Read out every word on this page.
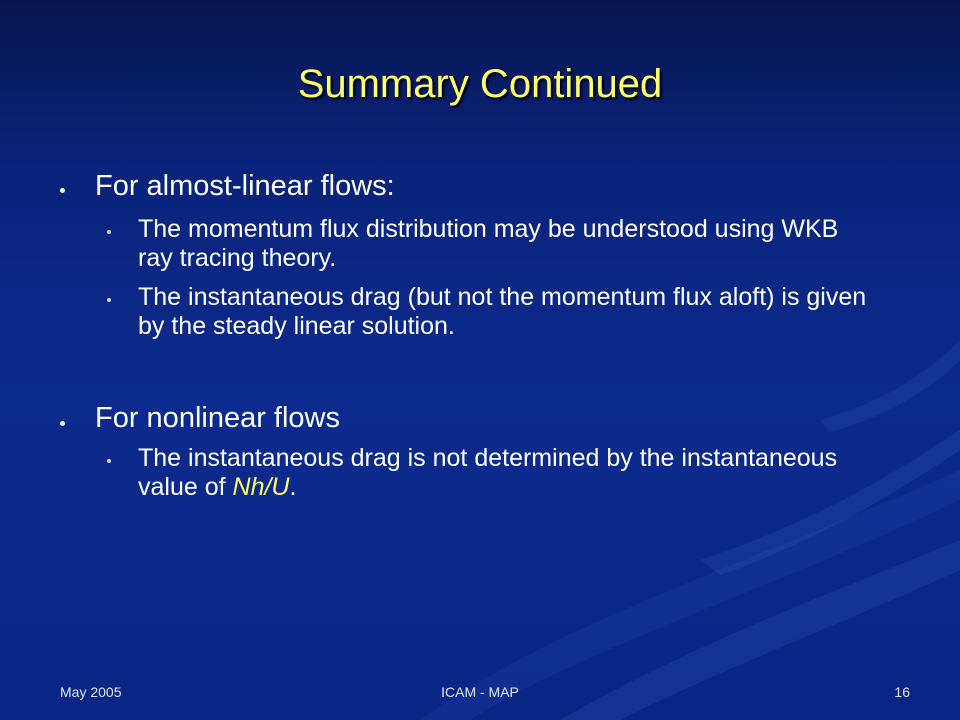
Summary Continued
For almost-linear flows:
The momentum flux distribution may be understood using WKB ray tracing theory.
The instantaneous drag (but not the momentum flux aloft) is given by the steady linear solution.
For nonlinear flows
The instantaneous drag is not determined by the instantaneous value of Nh/U.
May 2005	ICAM - MAP	16
